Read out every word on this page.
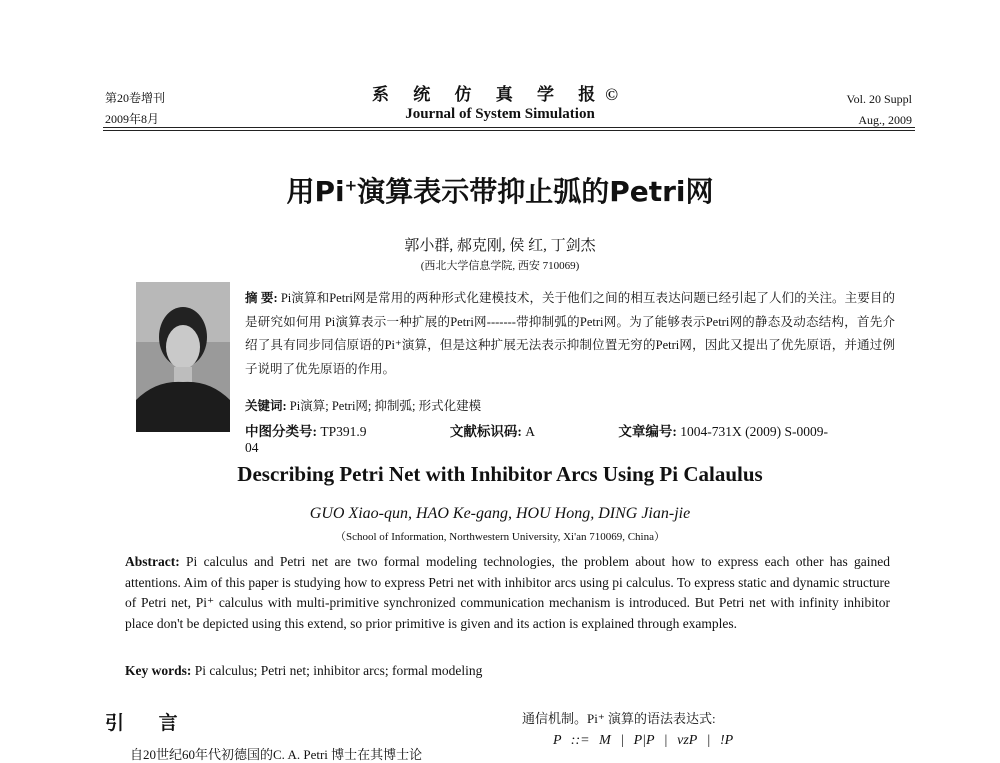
第20卷增刊
2009年8月
系 统 仿 真 学 报©
Journal of System Simulation
Vol. 20 Suppl
Aug., 2009
用Pi+演算表示带抑止弧的Petri网
郭小群, 郝克刚, 侯 红, 丁剑杰
(西北大学信息学院, 西安 710069)
摘 要: Pi演算和Petri网是常用的两种形式化建模技术，关于他们之间的相互表达问题已经引起了人们的关注。主要目的是研究如何用 Pi演算表示一种扩展的Petri网-------带抑制弧的Petri网。为了能够表示Petri网的静态及动态结构，首先介绍了具有同步同信原语的Pi⁺演算，但是这种扩展无法表示抑制位置无穷的Petri网，因此又提出了优先原语，并通过例子说明了优先原语的作用。
关键词: Pi演算; Petri网; 抑制弧; 形式化建模
中图分类号: TP391.9	文献标识码: A	文章编号: 1004-731X (2009) S-0009-04
Describing Petri Net with Inhibitor Arcs Using Pi Calaulus
GUO Xiao-qun, HAO Ke-gang, HOU Hong, DING Jian-jie
（School of Information, Northwestern University, Xi'an 710069, China）
Abstract: Pi calculus and Petri net are two formal modeling technologies, the problem about how to express each other has gained attentions. Aim of this paper is studying how to express Petri net with inhibitor arcs using pi calculus. To express static and dynamic structure of Petri net, Pi⁺ calculus with multi-primitive synchronized communication mechanism is introduced. But Petri net with infinity inhibitor place don't be depicted using this extend, so prior primitive is given and its action is explained through examples.
Key words: Pi calculus; Petri net; inhibitor arcs; formal modeling
引 言
自20世纪60年代初德国的C. A. Petri 博士在其博士论
通信机制。Pi⁺ 演算的语法表达式:
P ::= M | P|P | νzP | !P
